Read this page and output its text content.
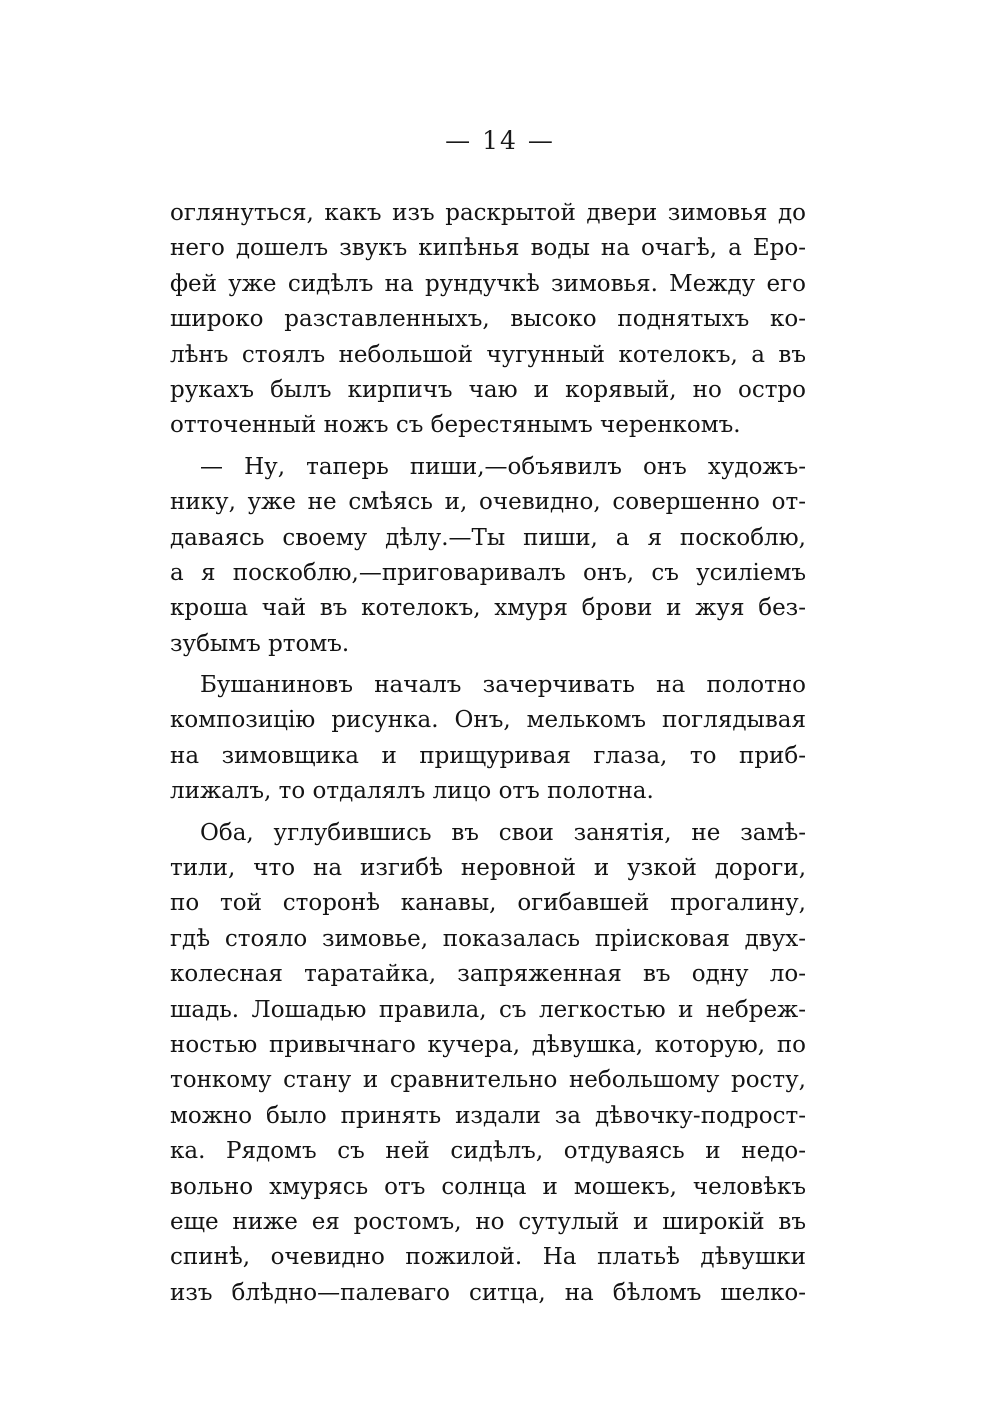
— 14 —
оглянуться, какъ изъ раскрытой двери зимовья до
него дошелъ звукъ кипѣнья воды на очагѣ, а Еро-
фей уже сидѣлъ на рундучкѣ зимовья. Между его
широко разставленныхъ, высоко поднятыхъ ко-
лѣнъ стоялъ небольшой чугунный котелокъ, а въ
рукахъ былъ кирпичъ чаю и корявый, но остро
отточенный ножъ съ берестянымъ черенкомъ.
— Ну, таперь пиши,—объявилъ онъ художъ-
нику, уже не смѣясь и, очевидно, совершенно от-
даваясь своему дѣлу.—Ты пиши, а я поскоблю,
а я поскоблю,—приговаривалъ онъ, съ усиліемъ
кроша чай въ котелокъ, хмуря брови и жуя без-
зубымъ ртомъ.
Бушаниновъ началъ зачерчивать на полотно
композицію рисунка. Онъ, мелькомъ поглядывая
на зимовщика и прищуривая глаза, то приб-
лижалъ, то отдалялъ лицо отъ полотна.
Оба, углубившись въ свои занятія, не замѣ-
тили, что на изгибѣ неровной и узкой дороги,
по той сторонѣ канавы, огибавшей прогалину,
гдѣ стояло зимовье, показалась пріисковая двух-
колесная таратайка, запряженная въ одну ло-
шадь. Лошадью правила, съ легкостью и небреж-
ностью привычнаго кучера, дѣвушка, которую, по
тонкому стану и сравнительно небольшому росту,
можно было принять издали за дѣвочку-подрост-
ка. Рядомъ съ ней сидѣлъ, отдуваясь и недо-
вольно хмурясь отъ солнца и мошекъ, человѣкъ
еще ниже ея ростомъ, но сутулый и широкій въ
спинѣ, очевидно пожилой. На платьѣ дѣвушки
изъ блѣдно—палеваго ситца, на бѣломъ шелко-
